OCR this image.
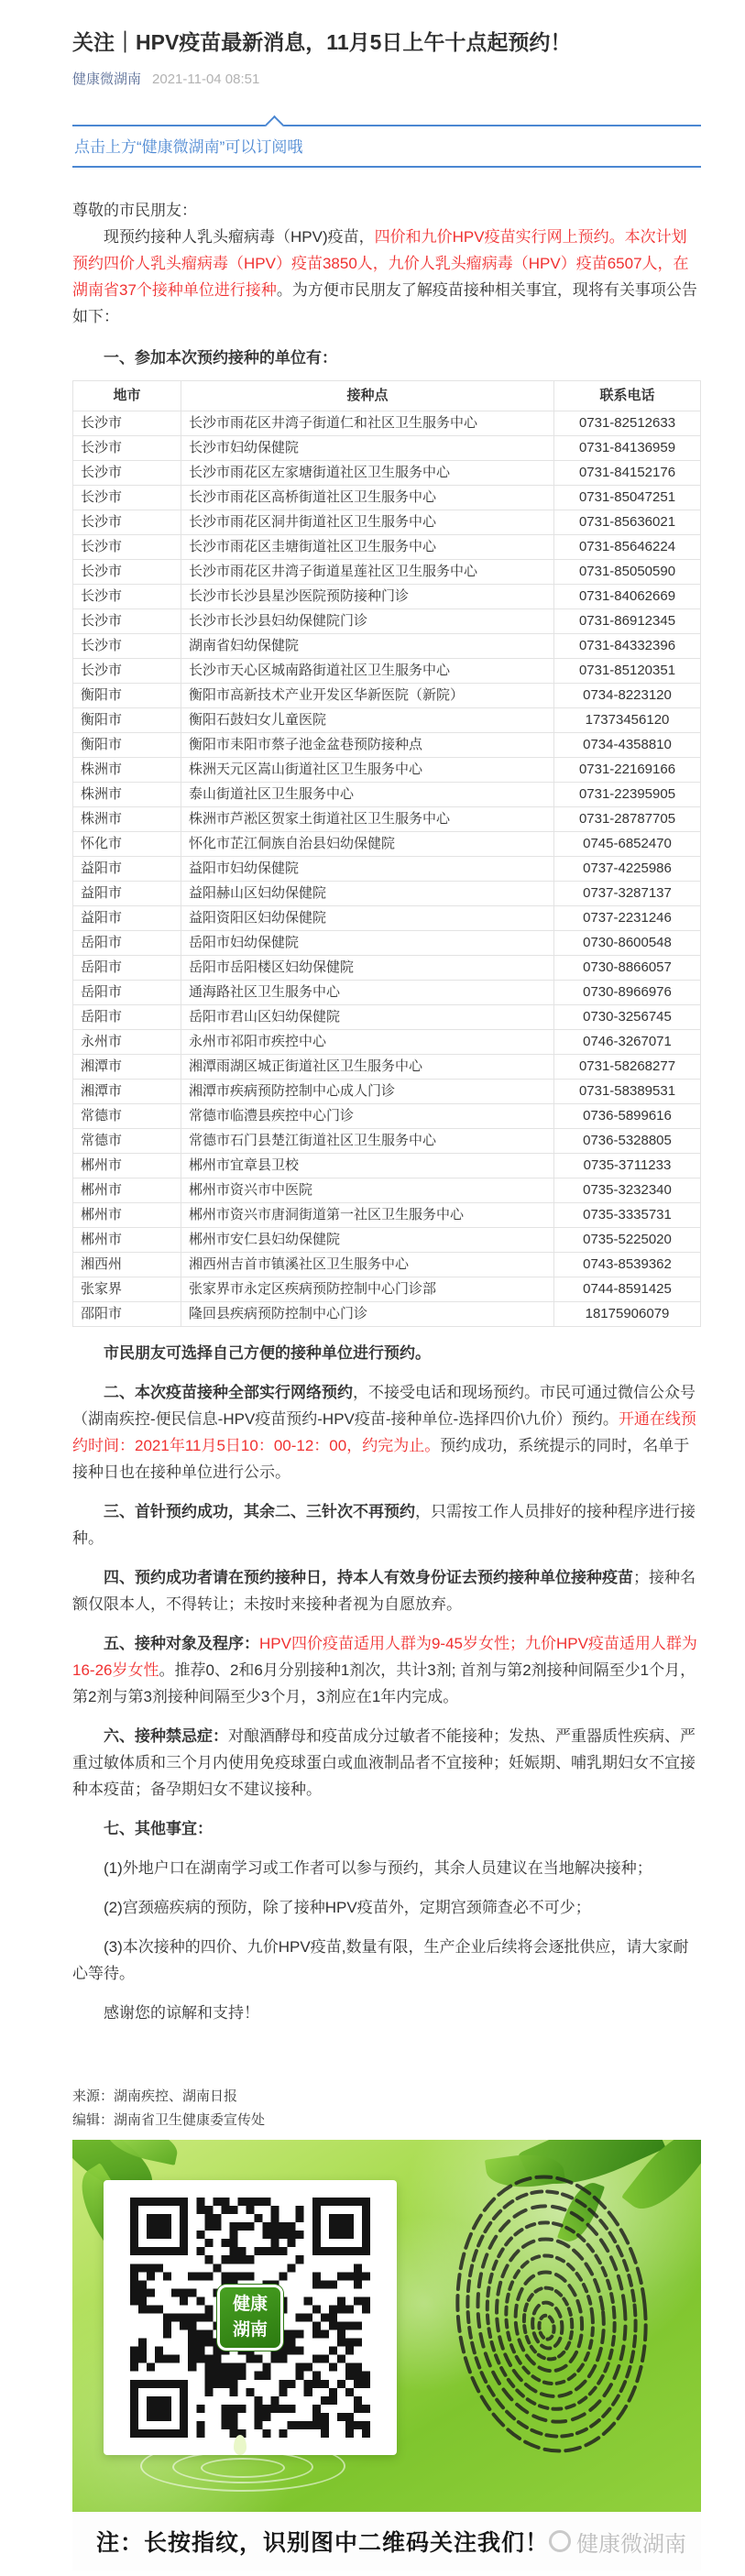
关注｜HPV疫苗最新消息，11月5日上午十点起预约！
健康微湖南 2021-11-04 08:51
点击上方“健康微湖南”可以订阅哦

尊敬的市民朋友：

现预约接种人乳头瘤病毒（HPV)疫苗，四价和九价HPV疫苗实行网上预约。本次计划预约四价人乳头瘤病毒（HPV）疫苗3850人，九价人乳头瘤病毒（HPV）疫苗6507人，在湖南省37个接种单位进行接种。为方便市民朋友了解疫苗接种相关事宜，现将有关事项公告如下：

一、参加本次预约接种的单位有：

地市	接种点	联系电话
长沙市	长沙市雨花区井湾子街道仁和社区卫生服务中心	0731-82512633
长沙市	长沙市妇幼保健院	0731-84136959
长沙市	长沙市雨花区左家塘街道社区卫生服务中心	0731-84152176
长沙市	长沙市雨花区高桥街道社区卫生服务中心	0731-85047251
长沙市	长沙市雨花区洞井街道社区卫生服务中心	0731-85636021
长沙市	长沙市雨花区圭塘街道社区卫生服务中心	0731-85646224
长沙市	长沙市雨花区井湾子街道星莲社区卫生服务中心	0731-85050590
长沙市	长沙市长沙县星沙医院预防接种门诊	0731-84062669
长沙市	长沙市长沙县妇幼保健院门诊	0731-86912345
长沙市	湖南省妇幼保健院	0731-84332396
长沙市	长沙市天心区城南路街道社区卫生服务中心	0731-85120351
衡阳市	衡阳市高新技术产业开发区华新医院（新院）	0734-8223120
衡阳市	衡阳石鼓妇女儿童医院	17373456120
衡阳市	衡阳市耒阳市蔡子池金盆巷预防接种点	0734-4358810
株洲市	株洲天元区嵩山街道社区卫生服务中心	0731-22169166
株洲市	泰山街道社区卫生服务中心	0731-22395905
株洲市	株洲市芦淞区贺家土街道社区卫生服务中心	0731-28787705
怀化市	怀化市芷江侗族自治县妇幼保健院	0745-6852470
益阳市	益阳市妇幼保健院	0737-4225986
益阳市	益阳赫山区妇幼保健院	0737-3287137
益阳市	益阳资阳区妇幼保健院	0737-2231246
岳阳市	岳阳市妇幼保健院	0730-8600548
岳阳市	岳阳市岳阳楼区妇幼保健院	0730-8866057
岳阳市	通海路社区卫生服务中心	0730-8966976
岳阳市	岳阳市君山区妇幼保健院	0730-3256745
永州市	永州市祁阳市疾控中心	0746-3267071
湘潭市	湘潭雨湖区城正街道社区卫生服务中心	0731-58268277
湘潭市	湘潭市疾病预防控制中心成人门诊	0731-58389531
常德市	常德市临澧县疾控中心门诊	0736-5899616
常德市	常德市石门县楚江街道社区卫生服务中心	0736-5328805
郴州市	郴州市宜章县卫校	0735-3711233
郴州市	郴州市资兴市中医院	0735-3232340
郴州市	郴州市资兴市唐洞街道第一社区卫生服务中心	0735-3335731
郴州市	郴州市安仁县妇幼保健院	0735-5225020
湘西州	湘西州吉首市镇溪社区卫生服务中心	0743-8539362
张家界	张家界市永定区疾病预防控制中心门诊部	0744-8591425
邵阳市	隆回县疾病预防控制中心门诊	18175906079

市民朋友可选择自己方便的接种单位进行预约。

二、本次疫苗接种全部实行网络预约，不接受电话和现场预约。市民可通过微信公众号（湖南疾控-便民信息-HPV疫苗预约-HPV疫苗-接种单位-选择四价\九价）预约。开通在线预约时间：2021年11月5日10：00-12：00，约完为止。预约成功，系统提示的同时，名单于接种日也在接种单位进行公示。

三、首针预约成功，其余二、三针次不再预约，只需按工作人员排好的接种程序进行接种。

四、预约成功者请在预约接种日，持本人有效身份证去预约接种单位接种疫苗；接种名额仅限本人，不得转让；未按时来接种者视为自愿放弃。

五、接种对象及程序：HPV四价疫苗适用人群为9-45岁女性；九价HPV疫苗适用人群为16-26岁女性。推荐0、2和6月分别接种1剂次，共计3剂; 首剂与第2剂接种间隔至少1个月，第2剂与第3剂接种间隔至少3个月，3剂应在1年内完成。

六、接种禁忌症：对酿酒酵母和疫苗成分过敏者不能接种；发热、严重器质性疾病、严重过敏体质和三个月内使用免疫球蛋白或血液制品者不宜接种；妊娠期、哺乳期妇女不宜接种本疫苗；备孕期妇女不建议接种。

七、其他事宜：

(1)外地户口在湖南学习或工作者可以参与预约，其余人员建议在当地解决接种；

(2)宫颈癌疾病的预防，除了接种HPV疫苗外，定期宫颈筛查必不可少；

(3)本次接种的四价、九价HPV疫苗,数量有限，生产企业后续将会逐批供应，请大家耐心等待。

感谢您的谅解和支持！

来源：湖南疾控、湖南日报

编辑：湖南省卫生健康委宣传处

健康
湖南
注：长按指纹，识别图中二维码关注我们！ 健康微湖南
